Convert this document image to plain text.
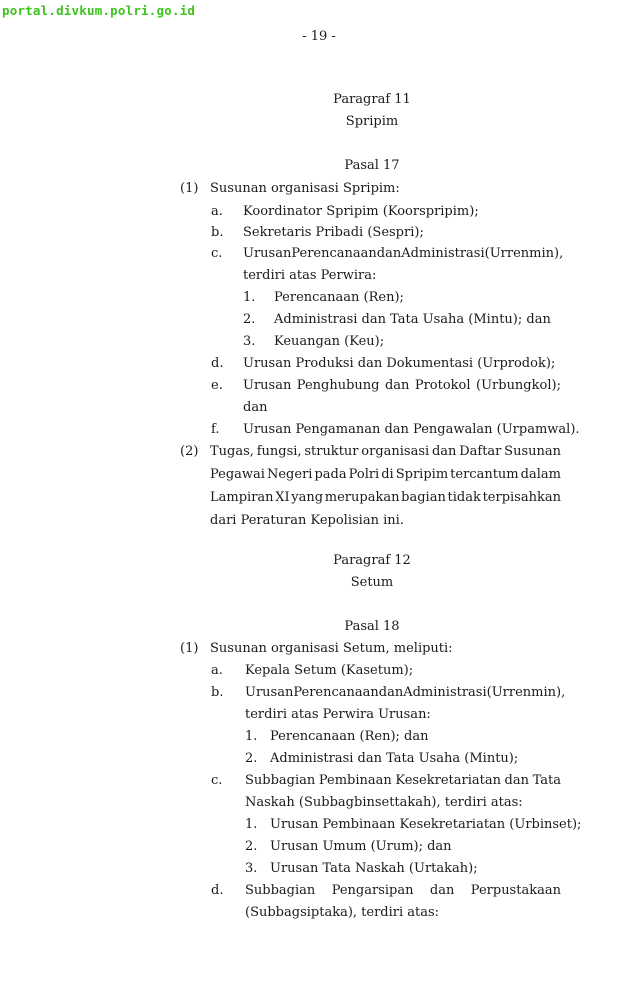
portal.divkum.polri.go.id
- 19 -
Paragraf 11
Spripim
Pasal 17
(1) Susunan organisasi Spripim:
a. Koordinator Spripim (Koorspripim);
b. Sekretaris Pribadi (Sespri);
c. Urusan Perencanaan dan Administrasi (Urrenmin),
terdiri atas Perwira:
1. Perencanaan (Ren);
2. Administrasi dan Tata Usaha (Mintu); dan
3. Keuangan (Keu);
d. Urusan Produksi dan Dokumentasi (Urprodok);
e. Urusan Penghubung dan Protokol (Urbungkol);
dan
f. Urusan Pengamanan dan Pengawalan (Urpamwal).
(2) Tugas, fungsi, struktur organisasi dan Daftar Susunan
Pegawai Negeri pada Polri di Spripim tercantum dalam
Lampiran XI yang merupakan bagian tidak terpisahkan
dari Peraturan Kepolisian ini.
Paragraf 12
Setum
Pasal 18
(1) Susunan organisasi Setum, meliputi:
a. Kepala Setum (Kasetum);
b. Urusan Perencanaan dan Administrasi (Urrenmin),
terdiri atas Perwira Urusan:
1. Perencanaan (Ren); dan
2. Administrasi dan Tata Usaha (Mintu);
c. Subbagian Pembinaan Kesekretariatan dan Tata
Naskah (Subbagbinsettakah), terdiri atas:
1. Urusan Pembinaan Kesekretariatan (Urbinset);
2. Urusan Umum (Urum); dan
3. Urusan Tata Naskah (Urtakah);
d. Subbagian Pengarsipan dan Perpustakaan
(Subbagsiptaka), terdiri atas:
